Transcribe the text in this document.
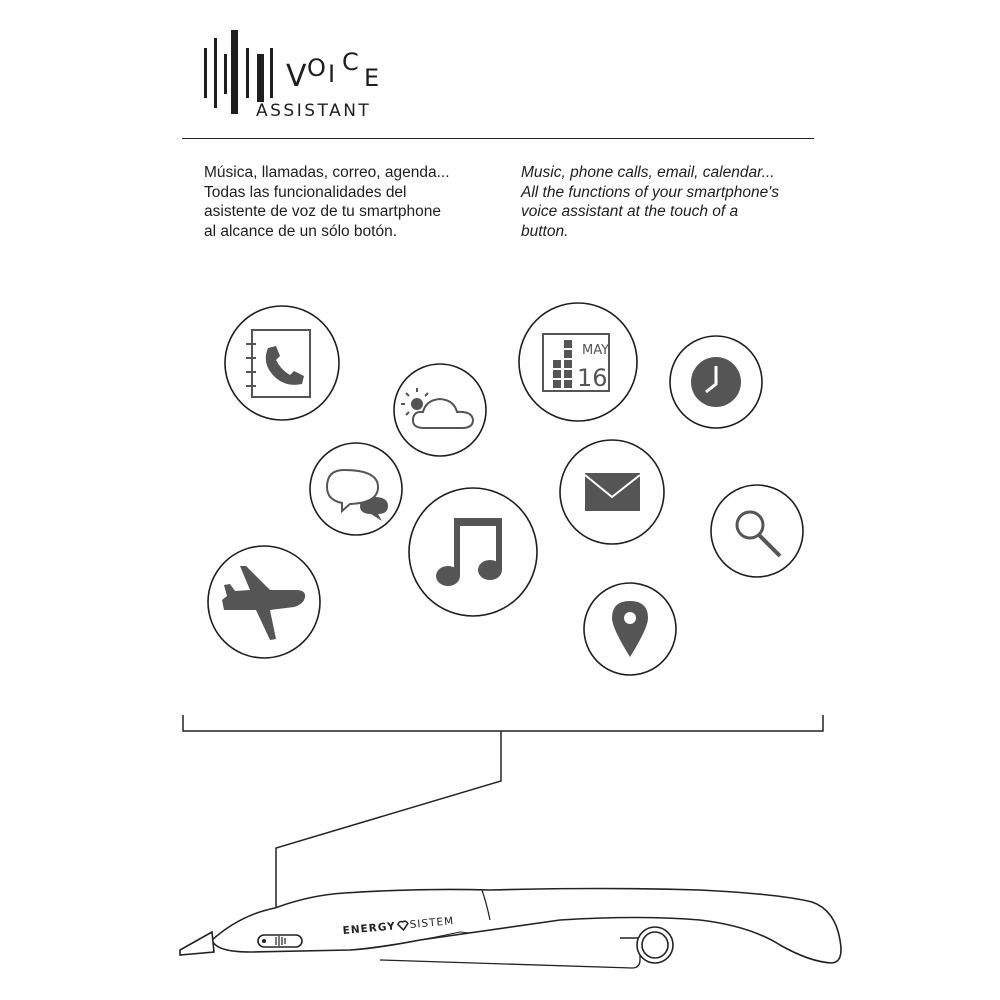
V O I C
E
ASSISTANT
Música, llamadas, correo, agenda...
Todas las funcionalidades del
asistente de voz de tu smartphone
al alcance de un sólo botón.
Music, phone calls, email, calendar...
All the functions of your smartphone's
voice assistant at the touch of a
button.
MAY
16
ENERGY SISTEM
